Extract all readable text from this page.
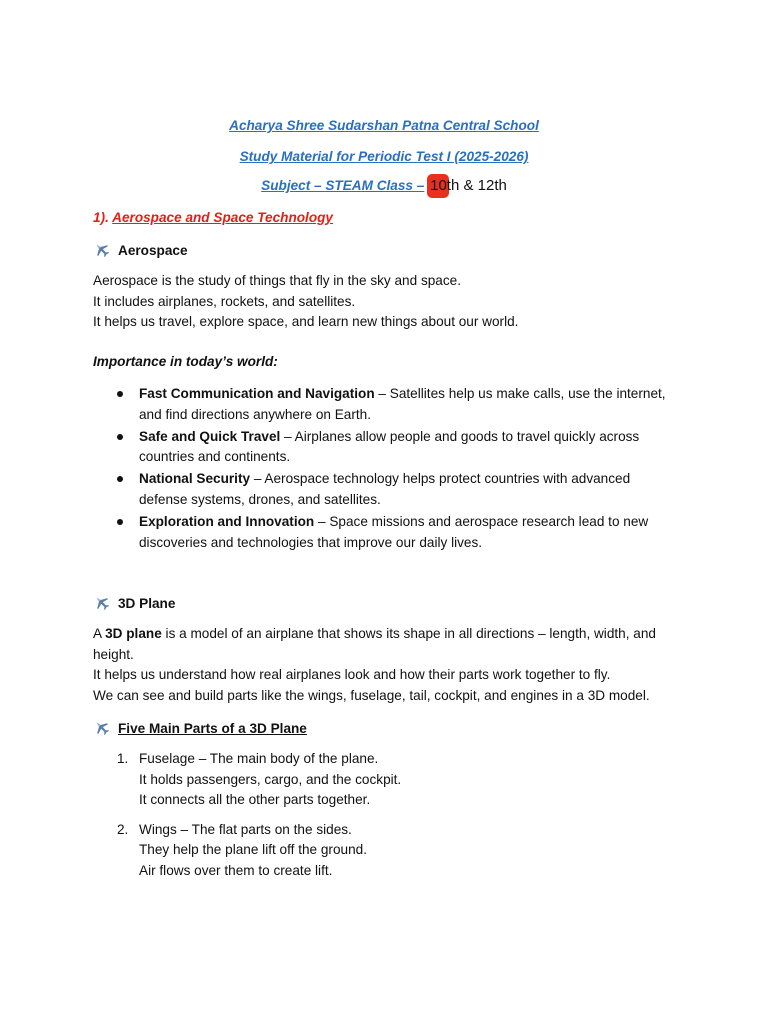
Acharya Shree Sudarshan Patna Central School
Study Material for Periodic Test I (2025-2026)
Subject – STEAM Class – 10th & 12th
1). Aerospace and Space Technology
Aerospace
Aerospace is the study of things that fly in the sky and space.
It includes airplanes, rockets, and satellites.
It helps us travel, explore space, and learn new things about our world.
Importance in today’s world:
Fast Communication and Navigation – Satellites help us make calls, use the internet, and find directions anywhere on Earth.
Safe and Quick Travel – Airplanes allow people and goods to travel quickly across countries and continents.
National Security – Aerospace technology helps protect countries with advanced defense systems, drones, and satellites.
Exploration and Innovation – Space missions and aerospace research lead to new discoveries and technologies that improve our daily lives.
3D Plane
A 3D plane is a model of an airplane that shows its shape in all directions – length, width, and height.
It helps us understand how real airplanes look and how their parts work together to fly.
We can see and build parts like the wings, fuselage, tail, cockpit, and engines in a 3D model.
Five Main Parts of a 3D Plane
1. Fuselage – The main body of the plane.
It holds passengers, cargo, and the cockpit.
It connects all the other parts together.
2. Wings – The flat parts on the sides.
They help the plane lift off the ground.
Air flows over them to create lift.
